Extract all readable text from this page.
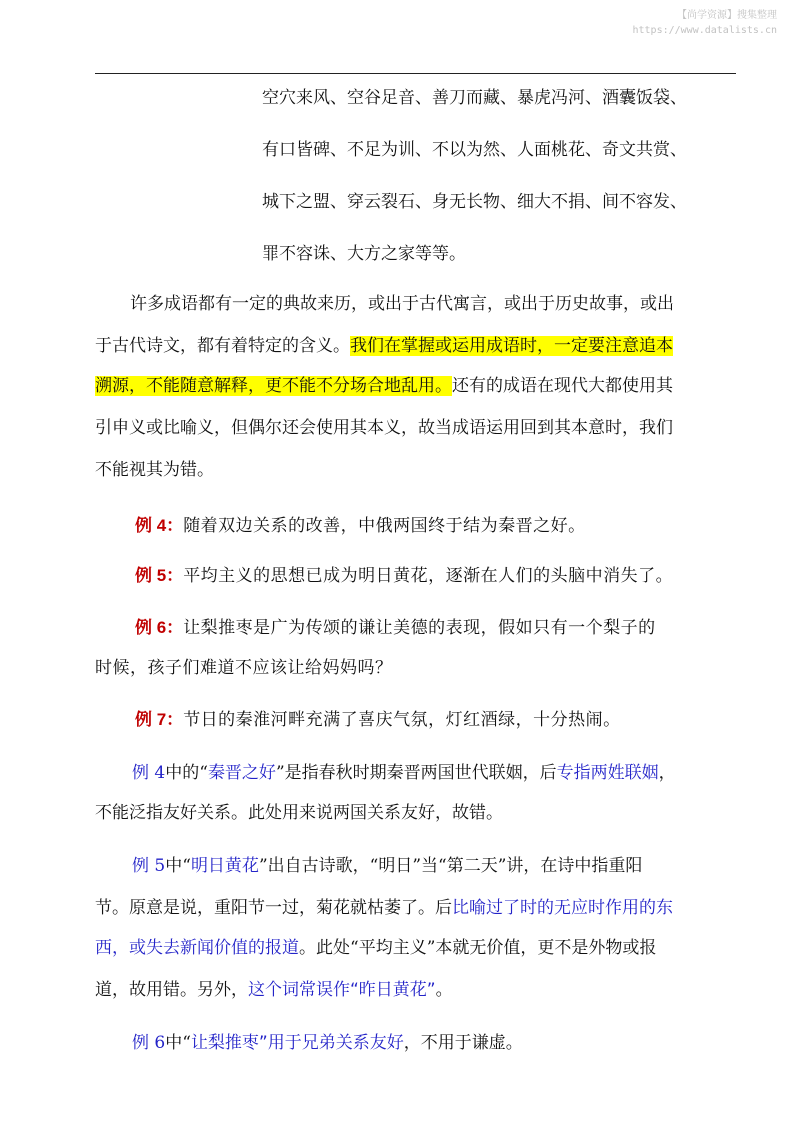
【尚学资源】搜集整理
https://www.datalists.cn
空穴来风、空谷足音、善刀而藏、暴虎冯河、酒囊饭袋、
有口皆碑、不足为训、不以为然、人面桃花、奇文共赏、
城下之盟、穿云裂石、身无长物、细大不捐、间不容发、
罪不容诛、大方之家等等。
许多成语都有一定的典故来历，或出于古代寓言，或出于历史故事，或出
于古代诗文，都有着特定的含义。我们在掌握或运用成语时，一定要注意追本
溯源，不能随意解释，更不能不分场合地乱用。还有的成语在现代大都使用其
引申义或比喻义，但偶尔还会使用其本义，故当成语运用回到其本意时，我们
不能视其为错。
例 4：随着双边关系的改善，中俄两国终于结为秦晋之好。
例 5：平均主义的思想已成为明日黄花，逐渐在人们的头脑中消失了。
例 6：让梨推枣是广为传颂的谦让美德的表现，假如只有一个梨子的
时候，孩子们难道不应该让给妈妈吗？
例 7：节日的秦淮河畔充满了喜庆气氛，灯红酒绿，十分热闹。
例 4中的“秦晋之好”是指春秋时期秦晋两国世代联姻，后专指两姓联姻，
不能泛指友好关系。此处用来说两国关系友好，故错。
例 5中“明日黄花”出自古诗歌，“明日”当“第二天”讲，在诗中指重阳
节。原意是说，重阳节一过，菊花就枯萎了。后比喻过了时的无应时作用的东
西，或失去新闻价值的报道。此处“平均主义”本就无价值，更不是外物或报
道，故用错。另外，这个词常误作“昨日黄花”。
例 6中“让梨推枣”用于兄弟关系友好，不用于谦虚。
